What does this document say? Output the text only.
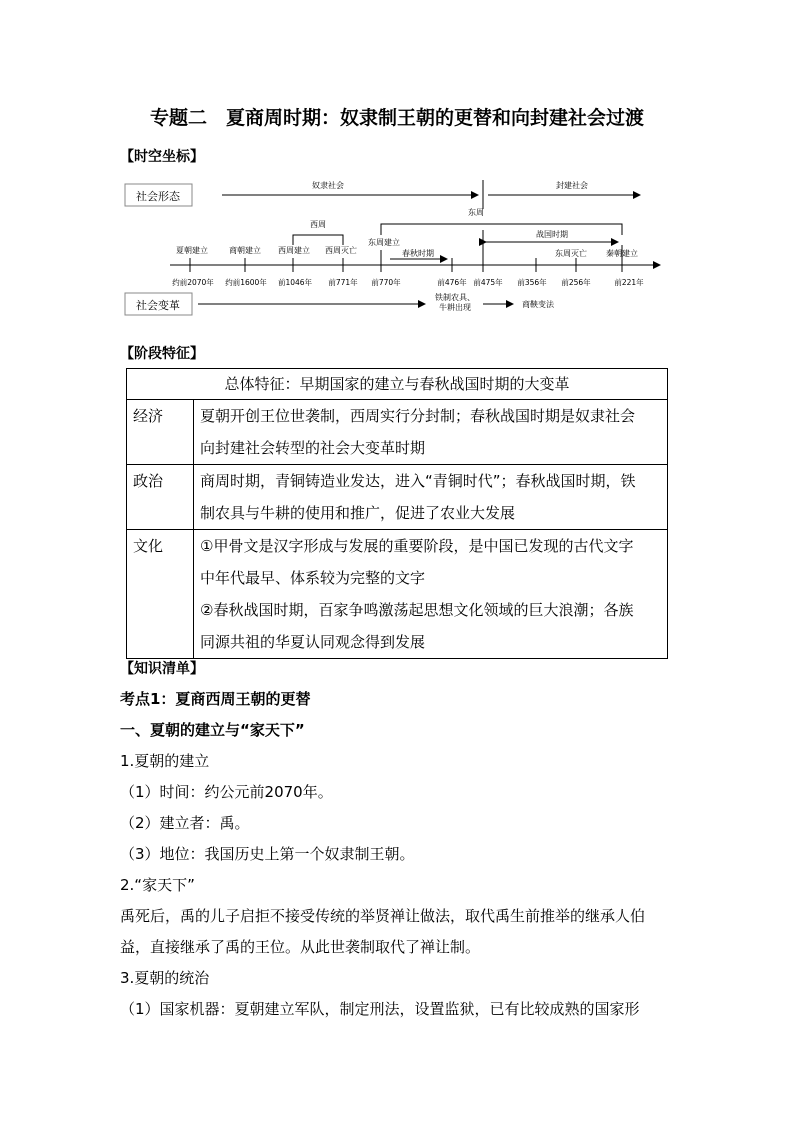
专题二　夏商周时期：奴隶制王朝的更替和向封建社会过渡
【时空坐标】
社会形态
奴隶社会	封建社会
东周
西周
战国时期
春秋时期
夏朝建立	商朝建立 西周建立 西周灭亡
东周建立
东周灭亡 秦朝建立
约前2070年 约前1600年 前1046年 前771年 前770年	前476年 前475年 前356年 前256年	前221年
社会变革
铁制农具、
牛耕出现	商鞅变法
【阶段特征】
总体特征：早期国家的建立与春秋战国时期的大变革	
经济	夏朝开创王位世袭制，西周实行分封制；春秋战国时期是奴隶社会
向封建社会转型的社会大变革时期

政治	商周时期，青铜铸造业发达，进入“青铜时代”；春秋战国时期，铁
制农具与牛耕的使用和推广，促进了农业大发展

文化	①甲骨文是汉字形成与发展的重要阶段，是中国已发现的古代文字
中年代最早、体系较为完整的文字
②春秋战国时期，百家争鸣激荡起思想文化领域的巨大浪潮；各族
同源共祖的华夏认同观念得到发展
【知识清单】
考点1：夏商西周王朝的更替
一、夏朝的建立与“家天下”
1.夏朝的建立
（1）时间：约公元前2070年。
（2）建立者：禹。
（3）地位：我国历史上第一个奴隶制王朝。
2.“家天下”
禹死后，禹的儿子启拒不接受传统的举贤禅让做法，取代禹生前推举的继承人伯
益，直接继承了禹的王位。从此世袭制取代了禅让制。
3.夏朝的统治
（1）国家机器：夏朝建立军队，制定刑法，设置监狱，已有比较成熟的国家形
